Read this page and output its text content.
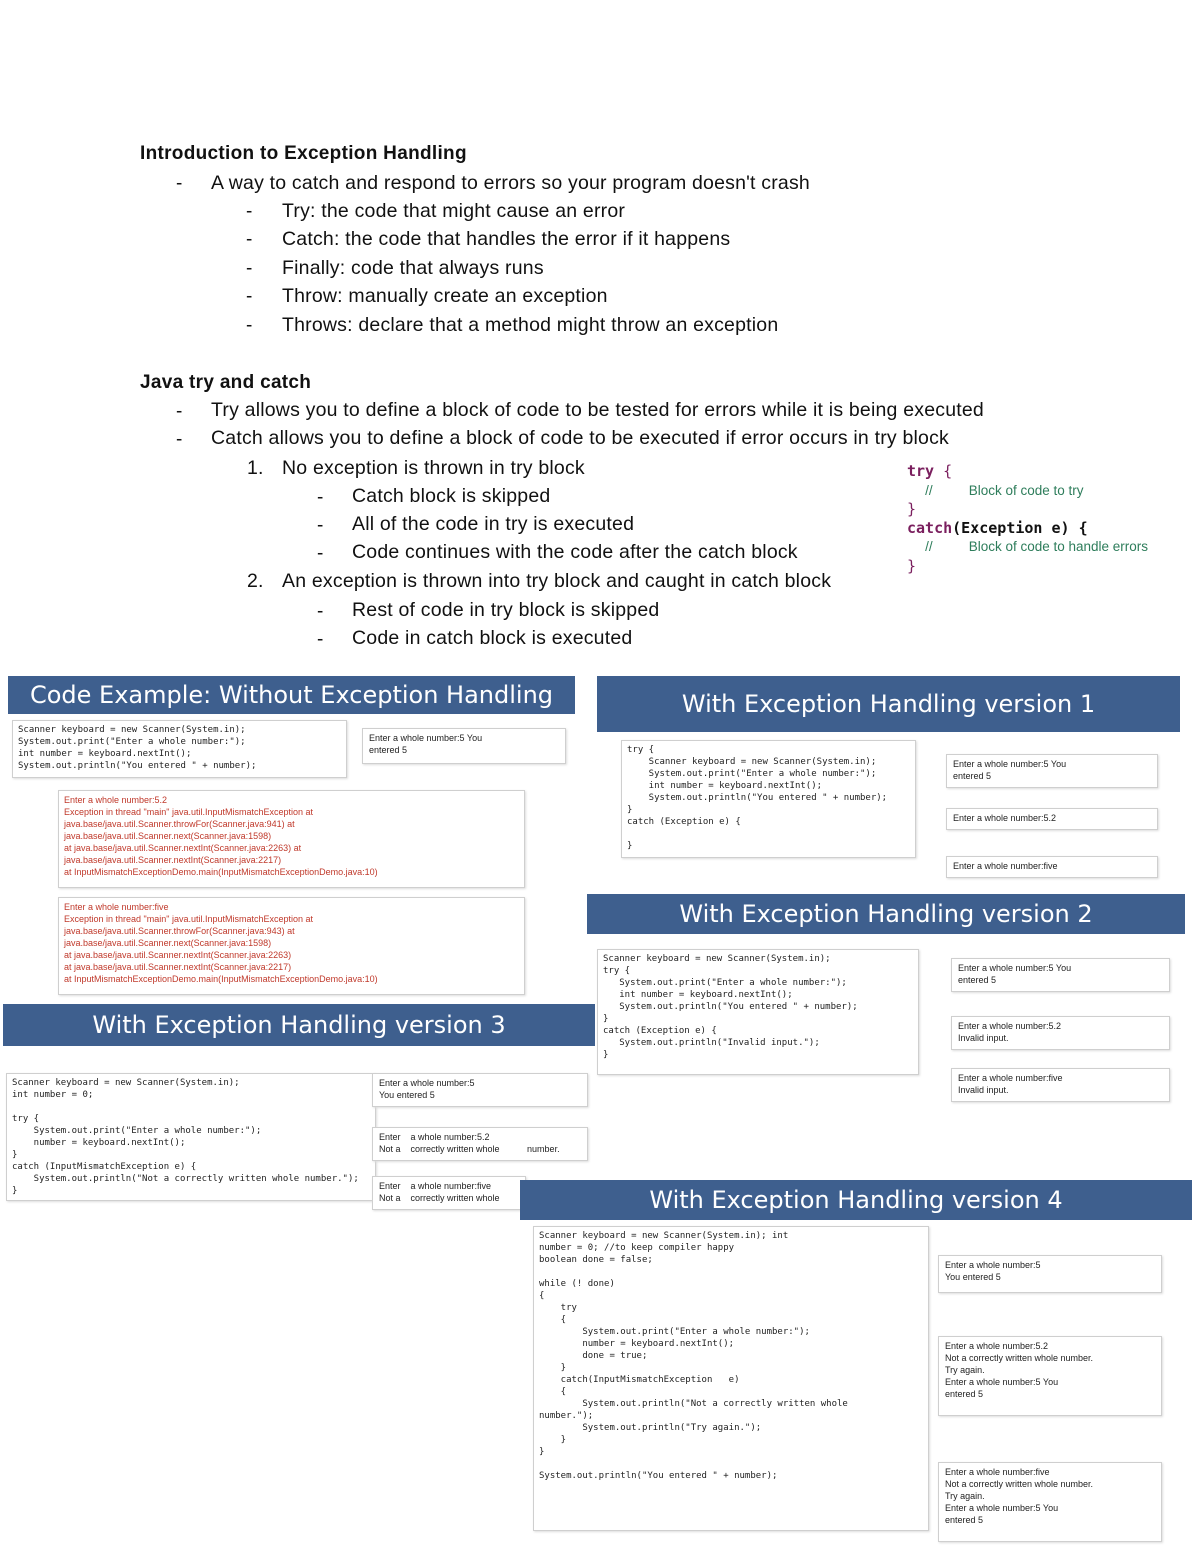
Introduction to Exception Handling
- A way to catch and respond to errors so your program doesn't crash
- Try: the code that might cause an error
- Catch: the code that handles the error if it happens
- Finally: code that always runs
- Throw: manually create an exception
- Throws: declare that a method might throw an exception
Java try and catch
- Try allows you to define a block of code to be tested for errors while it is being executed
- Catch allows you to define a block of code to be executed if error occurs in try block
1. No exception is thrown in try block
- Catch block is skipped
- All of the code in try is executed
- Code continues with the code after the catch block
2. An exception is thrown into try block and caught in catch block
- Rest of code in try block is skipped
- Code in catch block is executed
try {
//	Block of code to try
}
catch(Exception e) {
//	Block of code to handle errors
}
Code Example: Without Exception Handling
Scanner keyboard = new Scanner(System.in);
System.out.print("Enter a whole number:");
int number = keyboard.nextInt();
System.out.println("You entered " + number);
Enter a whole number:5 You
entered 5
Enter a whole number:5.2
Exception in thread "main" java.util.InputMismatchException at
java.base/java.util.Scanner.throwFor(Scanner.java:941) at
java.base/java.util.Scanner.next(Scanner.java:1598)
at java.base/java.util.Scanner.nextInt(Scanner.java:2263) at
java.base/java.util.Scanner.nextInt(Scanner.java:2217)
at InputMismatchExceptionDemo.main(InputMismatchExceptionDemo.java:10)
Enter a whole number:five
Exception in thread "main" java.util.InputMismatchException at
java.base/java.util.Scanner.throwFor(Scanner.java:943) at
java.base/java.util.Scanner.next(Scanner.java:1598)
at java.base/java.util.Scanner.nextInt(Scanner.java:2263)
at java.base/java.util.Scanner.nextInt(Scanner.java:2217)
at InputMismatchExceptionDemo.main(InputMismatchExceptionDemo.java:10)
With Exception Handling version 1
try {
Scanner keyboard = new Scanner(System.in);
System.out.print("Enter a whole number:");
int number = keyboard.nextInt();
System.out.println("You entered " + number);
}
catch (Exception e) {

}
Enter a whole number:5 You
entered 5
Enter a whole number:5.2
Enter a whole number:five
With Exception Handling version 2
Scanner keyboard = new Scanner(System.in);
try {
System.out.print("Enter a whole number:");
int number = keyboard.nextInt();
System.out.println("You entered " + number);
}
catch (Exception e) {
System.out.println("Invalid input.");
}
Enter a whole number:5 You
entered 5
Enter a whole number:5.2
Invalid input.
Enter a whole number:five
Invalid input.
With Exception Handling version 3
Scanner keyboard = new Scanner(System.in);
int number = 0;

try {
System.out.print("Enter a whole number:");
number = keyboard.nextInt();
}
catch (InputMismatchException e) {
System.out.println("Not a correctly written whole number.");
}
Enter a whole number:5
You entered 5
Enter    a whole number:5.2
Not a    correctly written whole           number.
Enter    a whole number:five
Not a    correctly written whole	With Exception Handling version 4
Scanner keyboard = new Scanner(System.in); int
number = 0; //to keep compiler happy
boolean done = false;

while (! done)
{
try
{
System.out.print("Enter a whole number:");
number = keyboard.nextInt();
done = true;
}
catch(InputMismatchException   e)
{
System.out.println("Not a correctly written whole
number.");
System.out.println("Try again.");
}
}

System.out.println("You entered " + number);
Enter a whole number:5
You entered 5
Enter a whole number:5.2
Not a correctly written whole number.
Try again.
Enter a whole number:5 You
entered 5
Enter a whole number:five
Not a correctly written whole number.
Try again.
Enter a whole number:5 You
entered 5
